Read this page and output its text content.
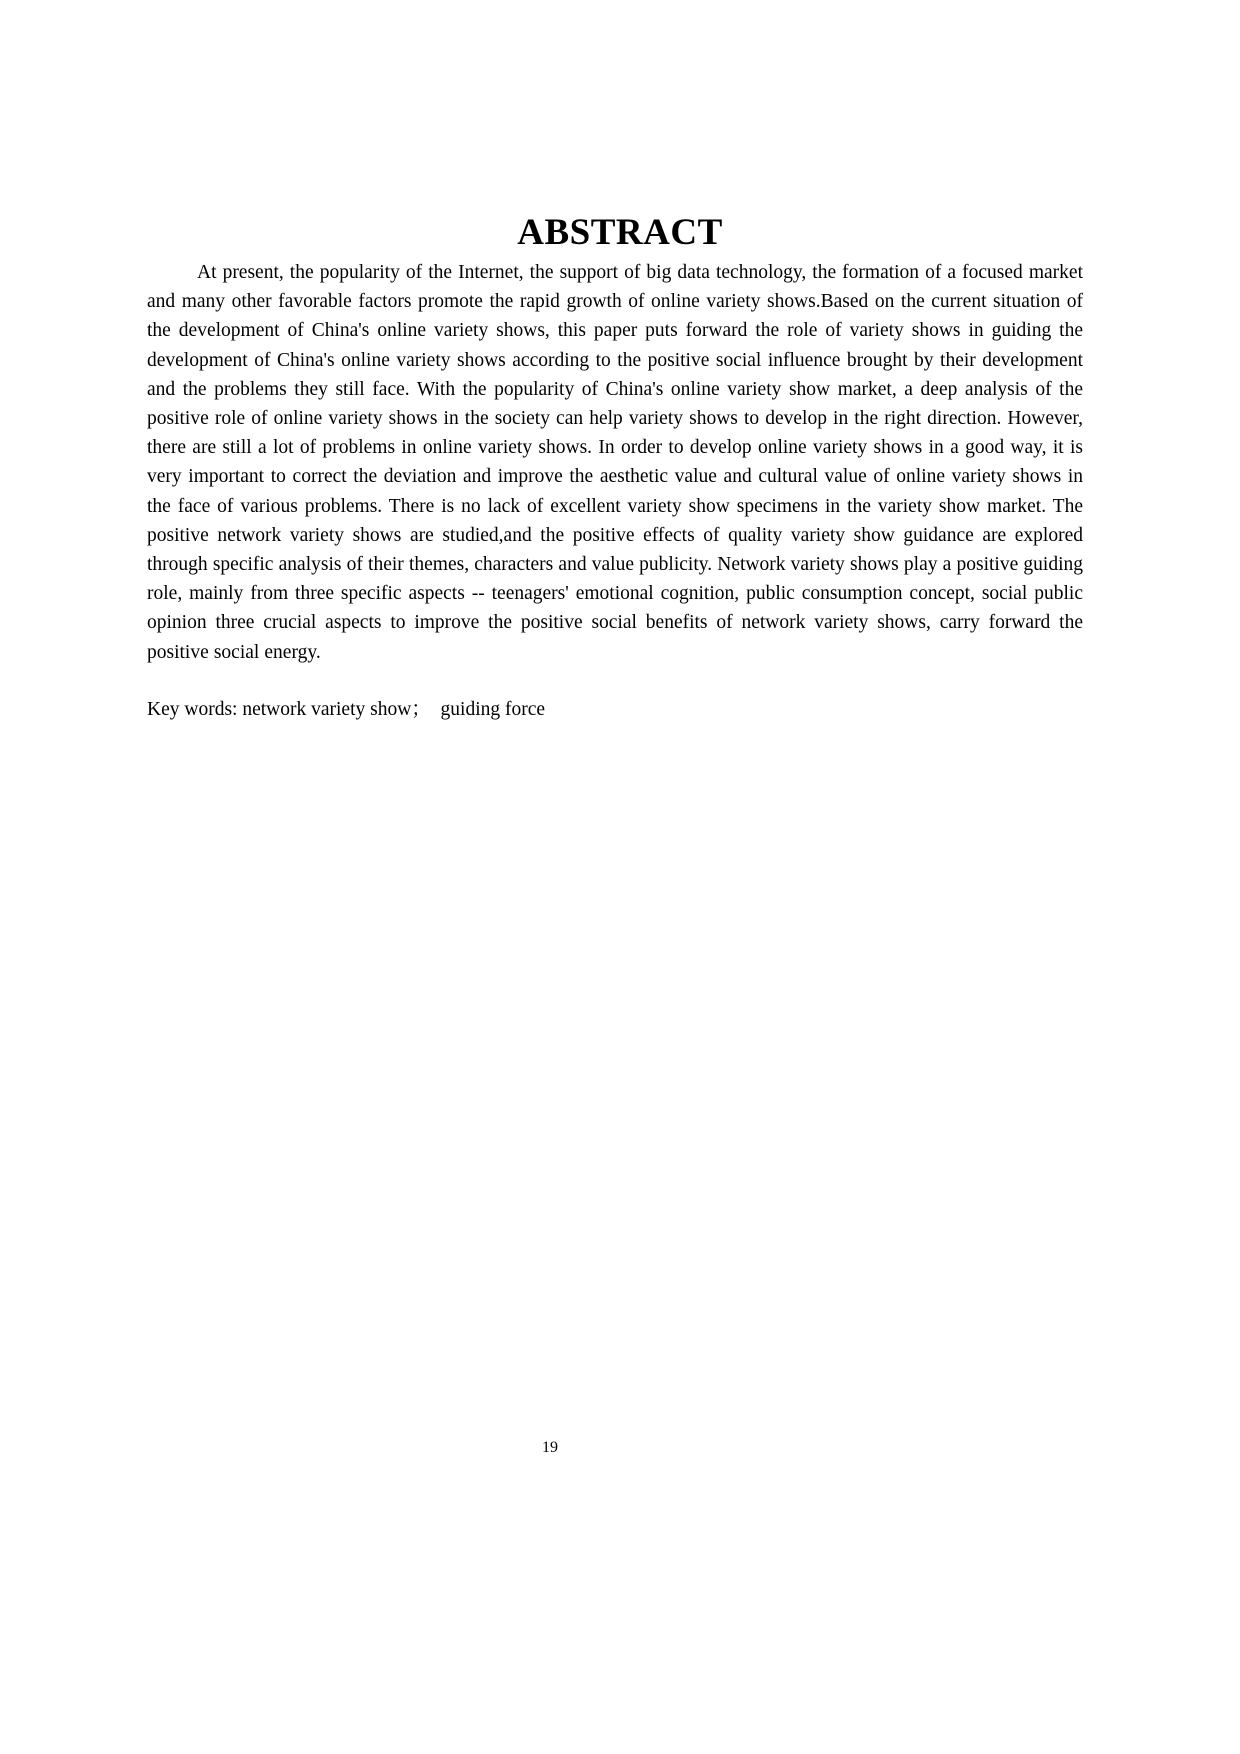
ABSTRACT

At present, the popularity of the Internet, the support of big data technology, the formation of a focused market and many other favorable factors promote the rapid growth of online variety shows.Based on the current situation of the development of China's online variety shows, this paper puts forward the role of variety shows in guiding the development of China's online variety shows according to the positive social influence brought by their development and the problems they still face. With the popularity of China's online variety show market, a deep analysis of the positive role of online variety shows in the society can help variety shows to develop in the right direction. However, there are still a lot of problems in online variety shows. In order to develop online variety shows in a good way, it is very important to correct the deviation and improve the aesthetic value and cultural value of online variety shows in the face of various problems. There is no lack of excellent variety show specimens in the variety show market. The positive network variety shows are studied,and the positive effects of quality variety show guidance are explored through specific analysis of their themes, characters and value publicity. Network variety shows play a positive guiding role, mainly from three specific aspects -- teenagers' emotional cognition, public consumption concept, social public opinion three crucial aspects to improve the positive social benefits of network variety shows, carry forward the positive social energy.

Key words: network variety show；　guiding force

19
